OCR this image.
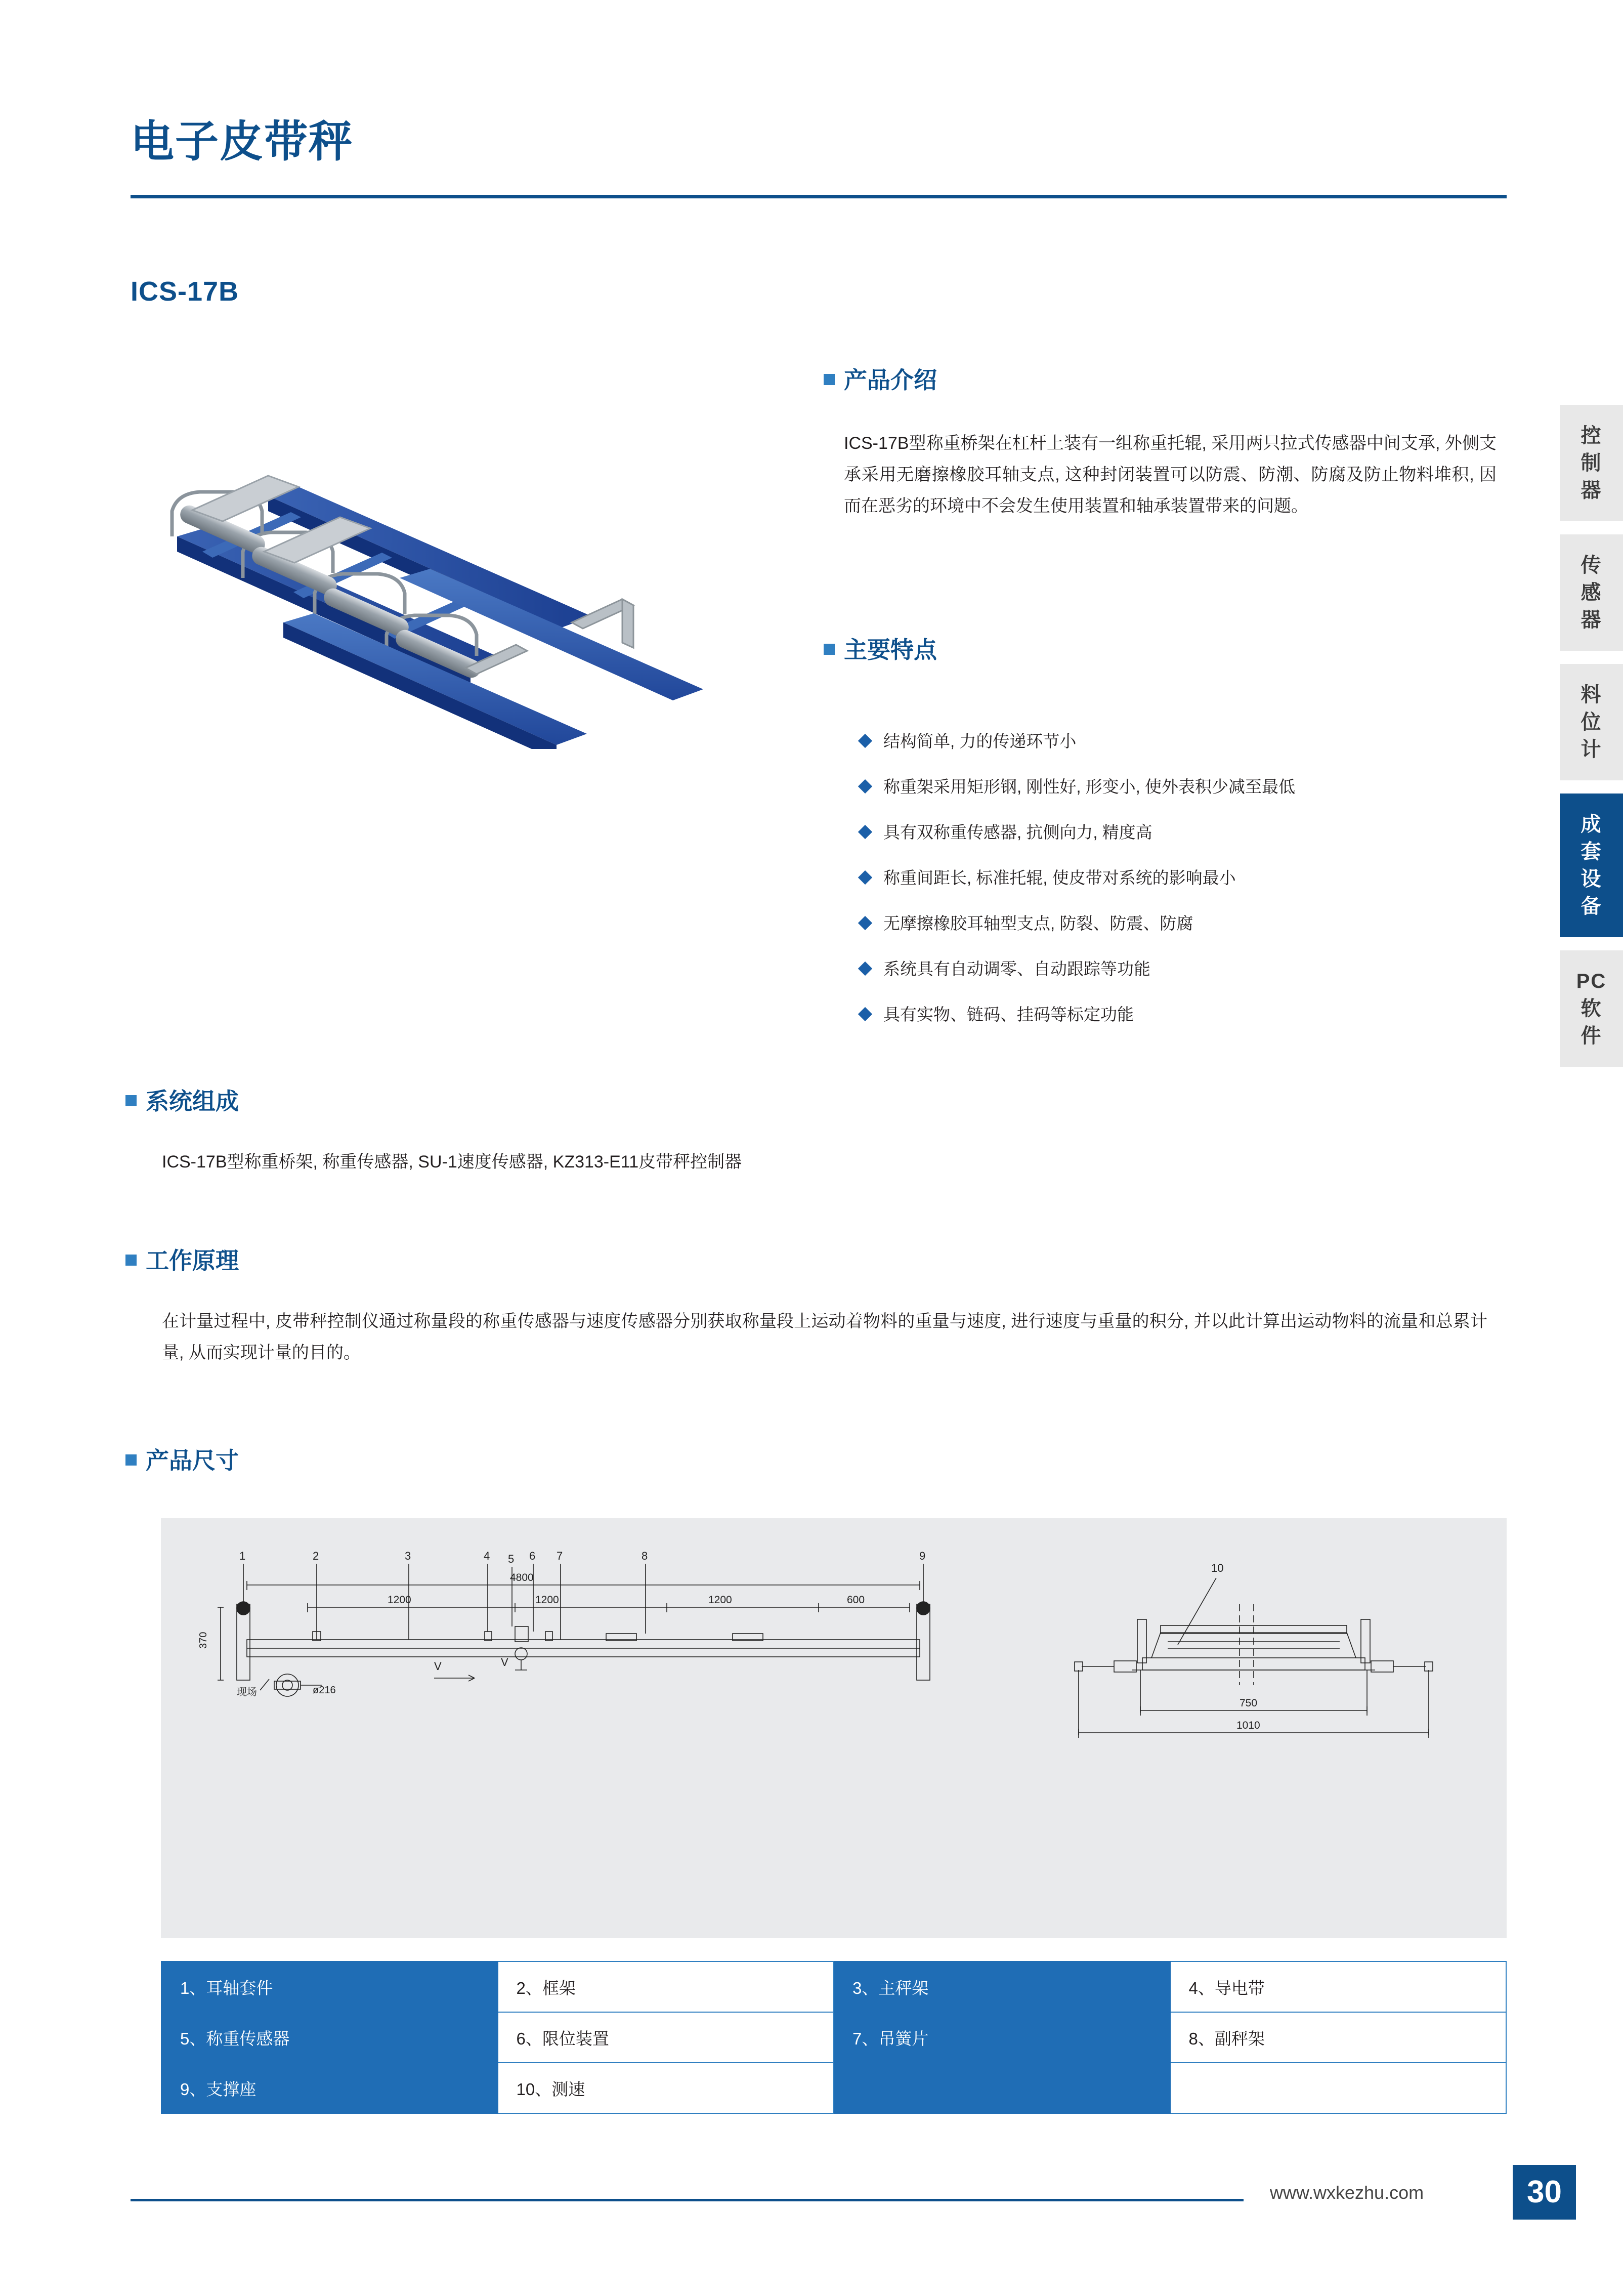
电子皮带秤
ICS-17B
产品介绍
ICS-17B型称重桥架在杠杆上装有一组称重托辊, 采用两只拉式传感器中间支承, 外侧支承采用无磨擦橡胶耳轴支点, 这种封闭装置可以防震、防潮、防腐及防止物料堆积, 因而在恶劣的环境中不会发生使用装置和轴承装置带来的问题。
主要特点
结构简单, 力的传递环节小
称重架采用矩形钢, 刚性好, 形变小, 使外表积少减至最低
具有双称重传感器, 抗侧向力, 精度高
称重间距长, 标准托辊, 使皮带对系统的影响最小
无摩擦橡胶耳轴型支点, 防裂、防震、防腐
系统具有自动调零、自动跟踪等功能
具有实物、链码、挂码等标定功能
系统组成
ICS-17B型称重桥架, 称重传感器, SU-1速度传感器, KZ313-E11皮带秤控制器
工作原理
在计量过程中, 皮带秤控制仪通过称量段的称重传感器与速度传感器分别获取称量段上运动着物料的重量与速度, 进行速度与重量的积分, 并以此计算出运动物料的流量和总累计量, 从而实现计量的目的。
产品尺寸
现场	ø216
370
4800
1200	1200	1200	600
1	2	3	4 5 6 7	8	9
V	V
10
750
1010
1、耳轴套件	2、框架	3、主秤架	4、导电带
5、称重传感器	6、限位装置	7、吊簧片	8、副秤架
9、支撑座	10、测速		
控
制
器
传
感
器
料
位
计
成
套
设
备
PC
软
件
www.wxkezhu.com	30
